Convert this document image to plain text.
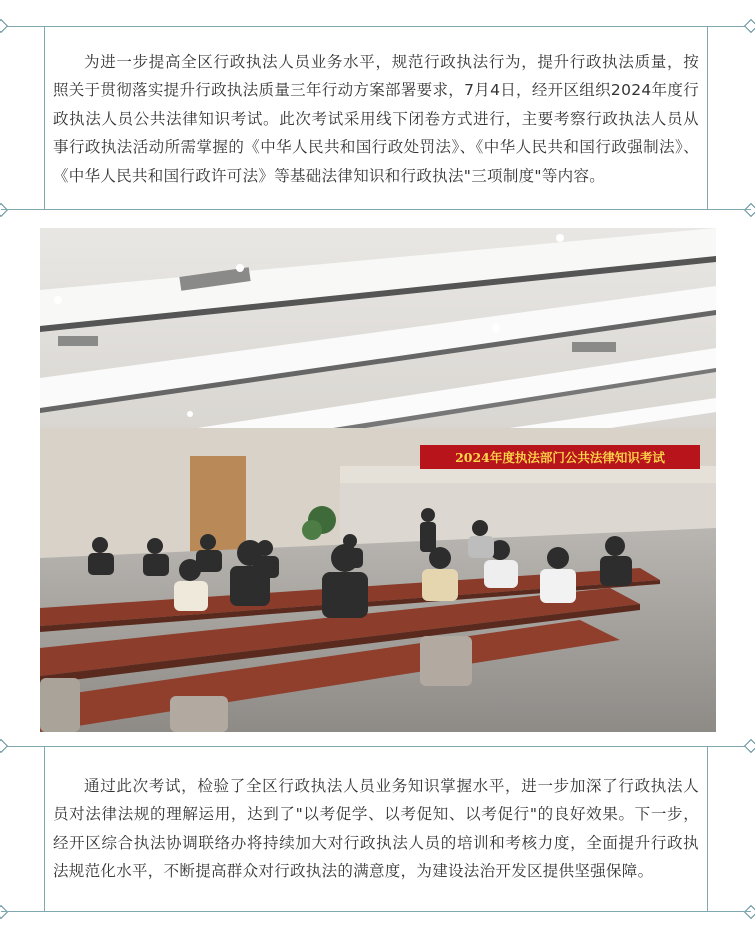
为进一步提高全区行政执法人员业务水平，规范行政执法行为，提升行政执法质量，按照关于贯彻落实提升行政执法质量三年行动方案部署要求，7月4日，经开区组织2024年度行政执法人员公共法律知识考试。此次考试采用线下闭卷方式进行，主要考察行政执法人员从事行政执法活动所需掌握的《中华人民共和国行政处罚法》、《中华人民共和国行政强制法》、《中华人民共和国行政许可法》等基础法律知识和行政执法"三项制度"等内容。

2024年度执法部门公共法律知识考试

通过此次考试，检验了全区行政执法人员业务知识掌握水平，进一步加深了行政执法人员对法律法规的理解运用，达到了"以考促学、以考促知、以考促行"的良好效果。下一步，经开区综合执法协调联络办将持续加大对行政执法人员的培训和考核力度，全面提升行政执法规范化水平，不断提高群众对行政执法的满意度，为建设法治开发区提供坚强保障。
